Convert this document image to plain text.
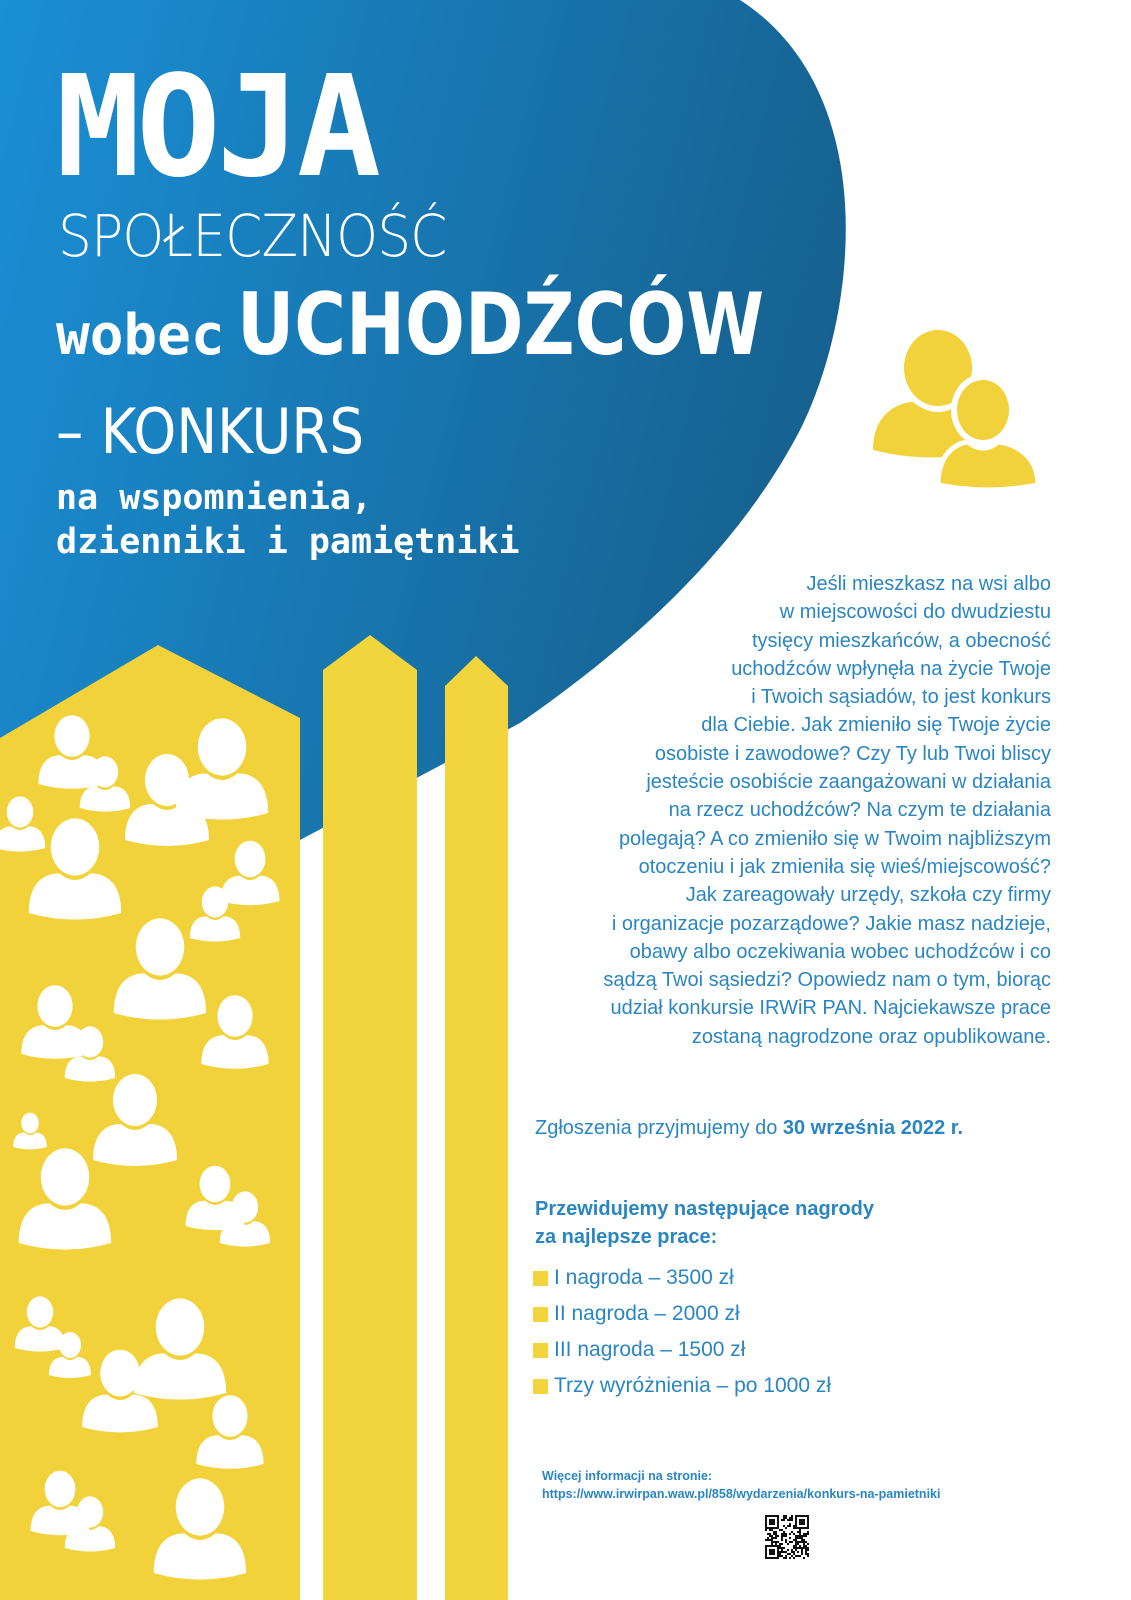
MOJA
SPOŁECZNOŚĆ
wobec UCHODŹCÓW
– KONKURS
na wspomnienia,
dzienniki i pamiętniki
Jeśli mieszkasz na wsi albo
w miejscowości do dwudziestu
tysięcy mieszkańców, a obecność
uchodźców wpłynęła na życie Twoje
i Twoich sąsiadów, to jest konkurs
dla Ciebie. Jak zmieniło się Twoje życie
osobiste i zawodowe? Czy Ty lub Twoi bliscy
jesteście osobiście zaangażowani w działania
na rzecz uchodźców? Na czym te działania
polegają? A co zmieniło się w Twoim najbliższym
otoczeniu i jak zmieniła się wieś/miejscowość?
Jak zareagowały urzędy, szkoła czy firmy
i organizacje pozarządowe? Jakie masz nadzieje,
obawy albo oczekiwania wobec uchodźców i co
sądzą Twoi sąsiedzi? Opowiedz nam o tym, biorąc
udział konkursie IRWiR PAN. Najciekawsze prace
zostaną nagrodzone oraz opublikowane.
Zgłoszenia przyjmujemy do 30 września 2022 r.
Przewidujemy następujące nagrody
za najlepsze prace:
I nagroda – 3500 zł
II nagroda – 2000 zł
III nagroda – 1500 zł
Trzy wyróżnienia – po 1000 zł
Więcej informacji na stronie:
https://www.irwirpan.waw.pl/858/wydarzenia/konkurs-na-pamietniki
